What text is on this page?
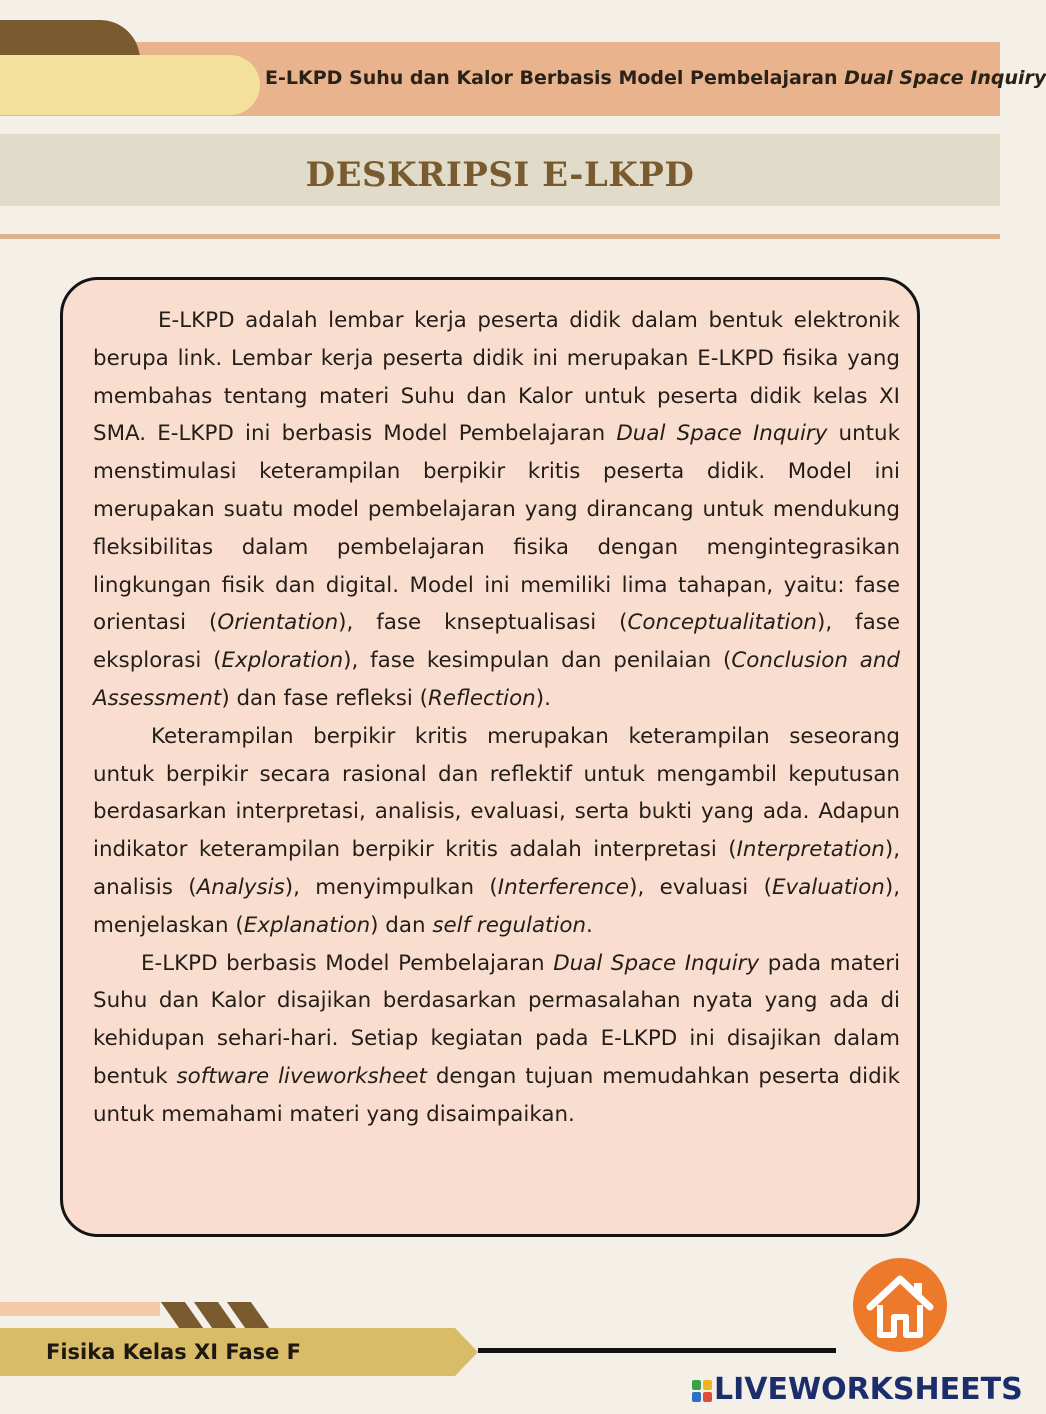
E-LKPD Suhu dan Kalor Berbasis Model Pembelajaran Dual Space Inquiry
DESKRIPSI E-LKPD

E-LKPD adalah lembar kerja peserta didik dalam bentuk elektronik berupa link. Lembar kerja peserta didik ini merupakan E-LKPD fisika yang membahas tentang materi Suhu dan Kalor untuk peserta didik kelas XI SMA. E-LKPD ini berbasis Model Pembelajaran Dual Space Inquiry untuk menstimulasi keterampilan berpikir kritis peserta didik. Model ini merupakan suatu model pembelajaran yang dirancang untuk mendukung fleksibilitas dalam pembelajaran fisika dengan mengintegrasikan lingkungan fisik dan digital. Model ini memiliki lima tahapan, yaitu: fase orientasi (Orientation), fase knseptualisasi (Conceptualitation), fase eksplorasi (Exploration), fase kesimpulan dan penilaian (Conclusion and Assessment) dan fase refleksi (Reflection).

Keterampilan berpikir kritis merupakan keterampilan seseorang untuk berpikir secara rasional dan reflektif untuk mengambil keputusan berdasarkan interpretasi, analisis, evaluasi, serta bukti yang ada. Adapun indikator keterampilan berpikir kritis adalah interpretasi (Interpretation), analisis (Analysis), menyimpulkan (Interference), evaluasi (Evaluation), menjelaskan (Explanation) dan self regulation.

E-LKPD berbasis Model Pembelajaran Dual Space Inquiry pada materi Suhu dan Kalor disajikan berdasarkan permasalahan nyata yang ada di kehidupan sehari-hari. Setiap kegiatan pada E-LKPD ini disajikan dalam bentuk software liveworksheet dengan tujuan memudahkan peserta didik untuk memahami materi yang disaimpaikan.

Fisika Kelas XI Fase F
LIVEWORKSHEETS
